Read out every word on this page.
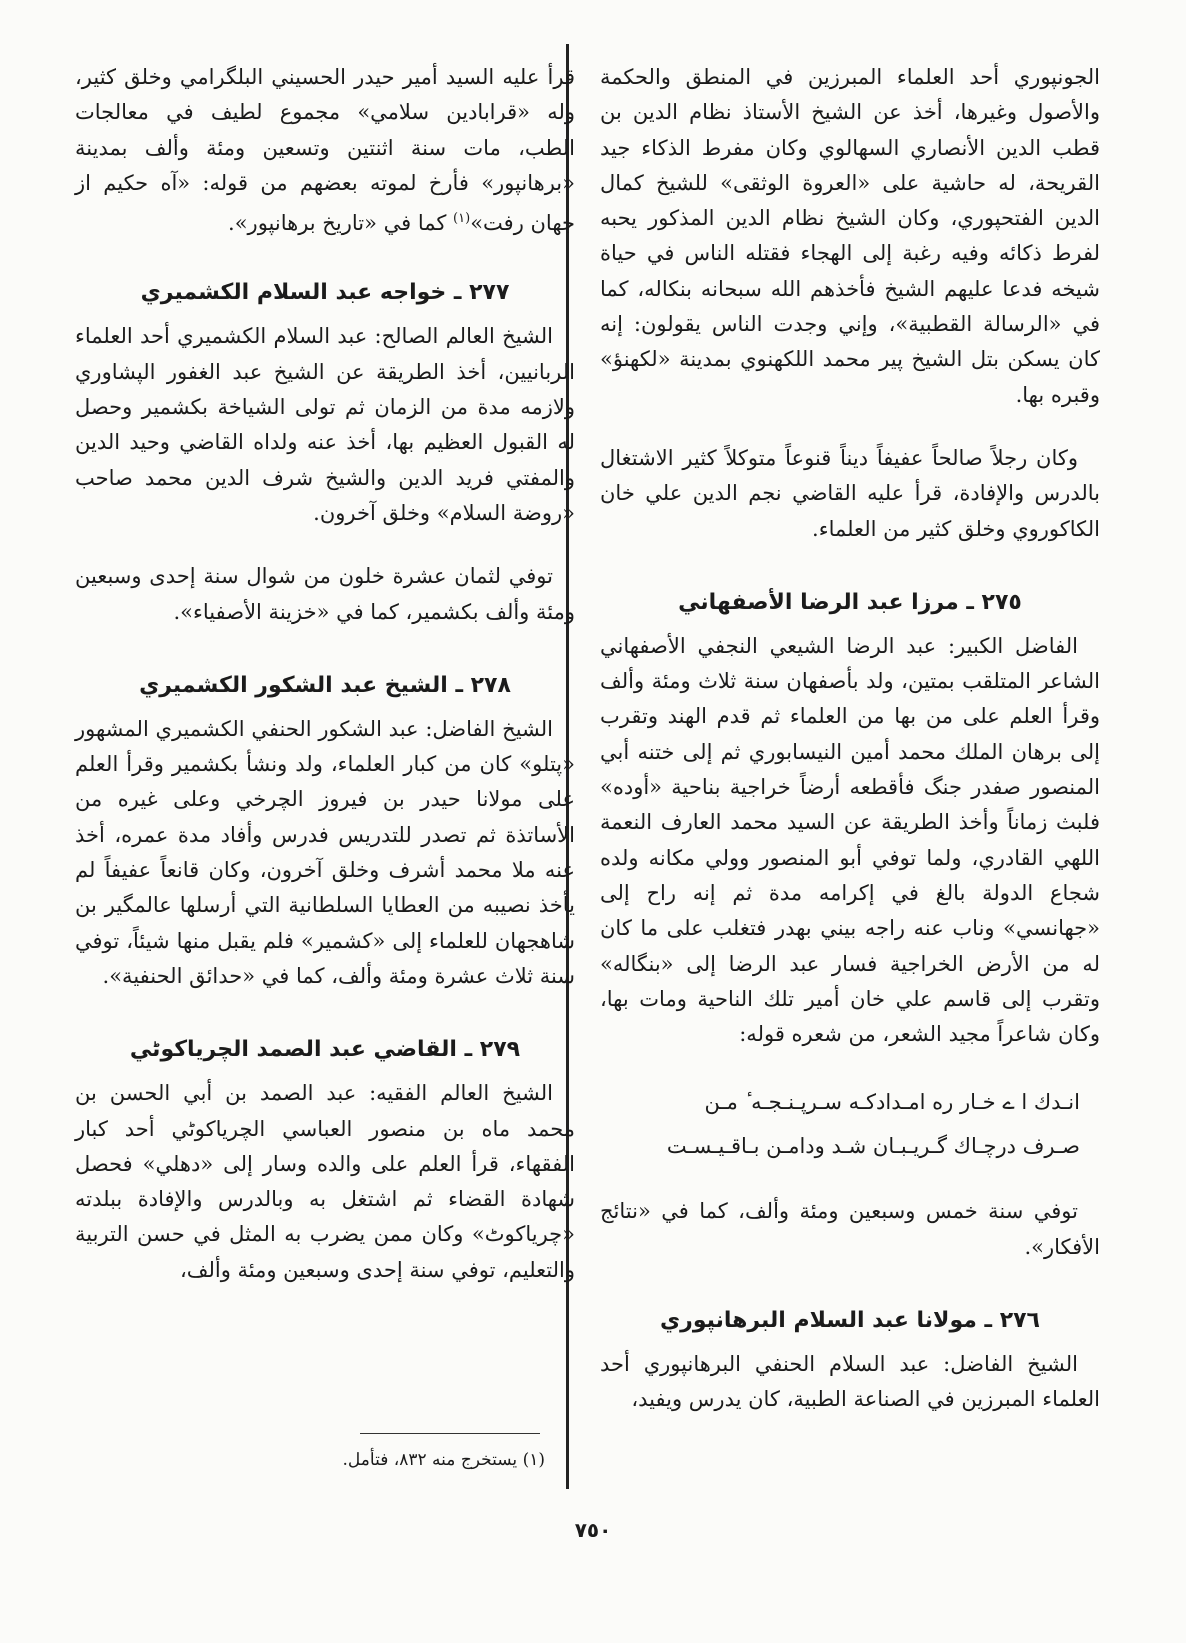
الجونپوري أحد العلماء المبرزين في المنطق والحكمة والأصول وغيرها، أخذ عن الشيخ الأستاذ نظام الدين بن قطب الدين الأنصاري السهالوي وكان مفرط الذكاء جيد القريحة، له حاشية على «العروة الوثقى» للشيخ كمال الدين الفتحپوري، وكان الشيخ نظام الدين المذكور يحبه لفرط ذكائه وفيه رغبة إلى الهجاء فقتله الناس في حياة شيخه فدعا عليهم الشيخ فأخذهم الله سبحانه بنكاله، كما في «الرسالة القطبية»، وإني وجدت الناس يقولون: إنه كان يسكن بتل الشيخ پير محمد اللكهنوي بمدينة «لكهنؤ» وقبره بها.

وكان رجلاً صالحاً عفيفاً ديناً قنوعاً متوكلاً كثير الاشتغال بالدرس والإفادة، قرأ عليه القاضي نجم الدين علي خان الكاكوروي وخلق كثير من العلماء.

٢٧٥ ـ مرزا عبد الرضا الأصفهاني

الفاضل الكبير: عبد الرضا الشيعي النجفي الأصفهاني الشاعر المتلقب بمتين، ولد بأصفهان سنة ثلاث ومئة وألف وقرأ العلم على من بها من العلماء ثم قدم الهند وتقرب إلى برهان الملك محمد أمين النيسابوري ثم إلى ختنه أبي المنصور صفدر جنگ فأقطعه أرضاً خراجية بناحية «أوده» فلبث زماناً وأخذ الطريقة عن السيد محمد العارف النعمة اللهي القادري، ولما توفي أبو المنصور وولي مكانه ولده شجاع الدولة بالغ في إكرامه مدة ثم إنه راح إلى «جهانسي» وناب عنه راجه بيني بهدر فتغلب على ما كان له من الأرض الخراجية فسار عبد الرضا إلى «بنگاله» وتقرب إلى قاسم علي خان أمير تلك الناحية ومات بها، وكان شاعراً مجيد الشعر، من شعره قوله:

انـدك ا ے خـار ره امـدادكـه سـرپـنـجـه ٔ مـن
صـرف درچـاك گـريـبـان شـد ودامـن بـاقـيـسـت

توفي سنة خمس وسبعين ومئة وألف، كما في «نتائج الأفكار».

٢٧٦ ـ مولانا عبد السلام البرهانپوري

الشيخ الفاضل: عبد السلام الحنفي البرهانپوري أحد العلماء المبرزين في الصناعة الطبية، كان يدرس ويفيد،

قرأ عليه السيد أمير حيدر الحسيني البلگرامي وخلق كثير، وله «قرابادين سلامي» مجموع لطيف في معالجات الطب، مات سنة اثنتين وتسعين ومئة وألف بمدينة «برهانپور» فأرخ لموته بعضهم من قوله: «آه حكيم از جهان رفت»$^{(١)}$ كما في «تاريخ برهانپور».

٢٧٧ ـ خواجه عبد السلام الكشميري

الشيخ العالم الصالح: عبد السلام الكشميري أحد العلماء الربانيين، أخذ الطريقة عن الشيخ عبد الغفور الپشاوري ولازمه مدة من الزمان ثم تولى الشياخة بكشمير وحصل له القبول العظيم بها، أخذ عنه ولداه القاضي وحيد الدين والمفتي فريد الدين والشيخ شرف الدين محمد صاحب «روضة السلام» وخلق آخرون.

توفي لثمان عشرة خلون من شوال سنة إحدى وسبعين ومئة وألف بكشمير، كما في «خزينة الأصفياء».

٢٧٨ ـ الشيخ عبد الشكور الكشميري

الشيخ الفاضل: عبد الشكور الحنفي الكشميري المشهور «پتلو» كان من كبار العلماء، ولد ونشأ بكشمير وقرأ العلم على مولانا حيدر بن فيروز الچرخي وعلى غيره من الأساتذة ثم تصدر للتدريس فدرس وأفاد مدة عمره، أخذ عنه ملا محمد أشرف وخلق آخرون، وكان قانعاً عفيفاً لم يأخذ نصيبه من العطايا السلطانية التي أرسلها عالمگير بن شاهجهان للعلماء إلى «كشمير» فلم يقبل منها شيئاً، توفي سنة ثلاث عشرة ومئة وألف، كما في «حدائق الحنفية».

٢٧٩ ـ القاضي عبد الصمد الچرياكوٹي

الشيخ العالم الفقيه: عبد الصمد بن أبي الحسن بن محمد ماه بن منصور العباسي الچرياكوٹي أحد كبار الفقهاء، قرأ العلم على والده وسار إلى «دهلي» فحصل شهادة القضاء ثم اشتغل به وبالدرس والإفادة ببلدته «چرياكوٹ» وكان ممن يضرب به المثل في حسن التربية والتعليم، توفي سنة إحدى وسبعين ومئة وألف،

(١) يستخرج منه ٨٣٢، فتأمل.
٧٥٠
